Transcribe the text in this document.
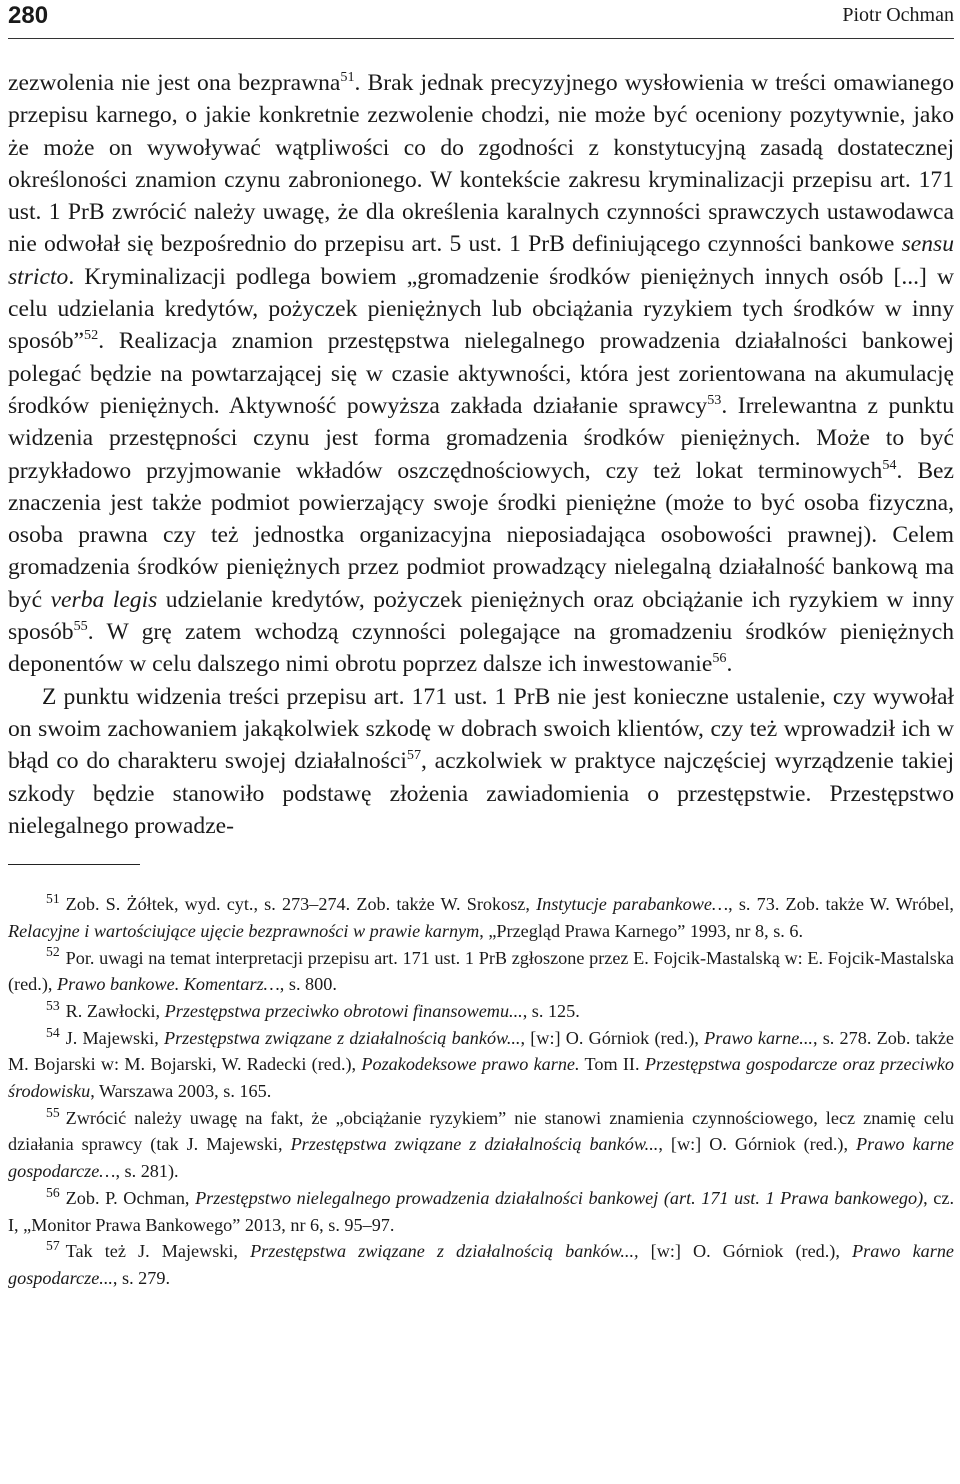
280	Piotr Ochman

zezwolenia nie jest ona bezprawna$^{51}$. Brak jednak precyzyjnego wysłowienia w treści omawianego przepisu karnego, o jakie konkretnie zezwolenie chodzi, nie może być oceniony pozytywnie, jako że może on wywoływać wątpliwości co do zgodności z konstytucyjną zasadą dostatecznej określoności znamion czynu zabronionego. W kontekście zakresu kryminalizacji przepisu art. 171 ust. 1 PrB zwrócić należy uwagę, że dla określenia karalnych czynności sprawczych ustawodawca nie odwołał się bezpośrednio do przepisu art. 5 ust. 1 PrB definiującego czynności bankowe sensu stricto. Kryminalizacji podlega bowiem „gromadzenie środków pieniężnych innych osób [...] w celu udzielania kredytów, pożyczek pieniężnych lub obciążania ryzykiem tych środków w inny sposób”$^{52}$. Realizacja znamion przestępstwa nielegalnego prowadzenia działalności bankowej polegać będzie na powtarzającej się w czasie aktywności, która jest zorientowana na akumulację środków pieniężnych. Aktywność powyższa zakłada działanie sprawcy$^{53}$. Irrelewantna z punktu widzenia przestępności czynu jest forma gromadzenia środków pieniężnych. Może to być przykładowo przyjmowanie wkładów oszczędnościowych, czy też lokat terminowych$^{54}$. Bez znaczenia jest także podmiot powierzający swoje środki pieniężne (może to być osoba fizyczna, osoba prawna czy też jednostka organizacyjna nieposiadająca osobowości prawnej). Celem gromadzenia środków pieniężnych przez podmiot prowadzący nielegalną działalność bankową ma być verba legis udzielanie kredytów, pożyczek pieniężnych oraz obciążanie ich ryzykiem w inny sposób$^{55}$. W grę zatem wchodzą czynności polegające na gromadzeniu środków pieniężnych deponentów w celu dalszego nimi obrotu poprzez dalsze ich inwestowanie$^{56}$.

Z punktu widzenia treści przepisu art. 171 ust. 1 PrB nie jest konieczne ustalenie, czy wywołał on swoim zachowaniem jakąkolwiek szkodę w dobrach swoich klientów, czy też wprowadził ich w błąd co do charakteru swojej działalności$^{57}$, aczkolwiek w praktyce najczęściej wyrządzenie takiej szkody będzie stanowiło podstawę złożenia zawiadomienia o przestępstwie. Przestępstwo nielegalnego prowadze-

$^{51}$ Zob. S. Żółtek, wyd. cyt., s. 273–274. Zob. także W. Srokosz, Instytucje parabankowe…, s. 73. Zob. także W. Wróbel, Relacyjne i wartościujące ujęcie bezprawności w prawie karnym, „Przegląd Prawa Karnego” 1993, nr 8, s. 6.

$^{52}$ Por. uwagi na temat interpretacji przepisu art. 171 ust. 1 PrB zgłoszone przez E. Fojcik-Mastalską w: E. Fojcik-Mastalska (red.), Prawo bankowe. Komentarz…, s. 800.

$^{53}$ R. Zawłocki, Przestępstwa przeciwko obrotowi finansowemu..., s. 125.

$^{54}$ J. Majewski, Przestępstwa związane z działalnością banków..., [w:] O. Górniok (red.), Prawo karne..., s. 278. Zob. także M. Bojarski w: M. Bojarski, W. Radecki (red.), Pozakodeksowe prawo karne. Tom II. Przestępstwa gospodarcze oraz przeciwko środowisku, Warszawa 2003, s. 165.

$^{55}$ Zwrócić należy uwagę na fakt, że „obciążanie ryzykiem” nie stanowi znamienia czynnościowego, lecz znamię celu działania sprawcy (tak J. Majewski, Przestępstwa związane z działalnością banków..., [w:] O. Górniok (red.), Prawo karne gospodarcze…, s. 281).

$^{56}$ Zob. P. Ochman, Przestępstwo nielegalnego prowadzenia działalności bankowej (art. 171 ust. 1 Prawa bankowego), cz. I, „Monitor Prawa Bankowego” 2013, nr 6, s. 95–97.

$^{57}$ Tak też J. Majewski, Przestępstwa związane z działalnością banków..., [w:] O. Górniok (red.), Prawo karne gospodarcze..., s. 279.
